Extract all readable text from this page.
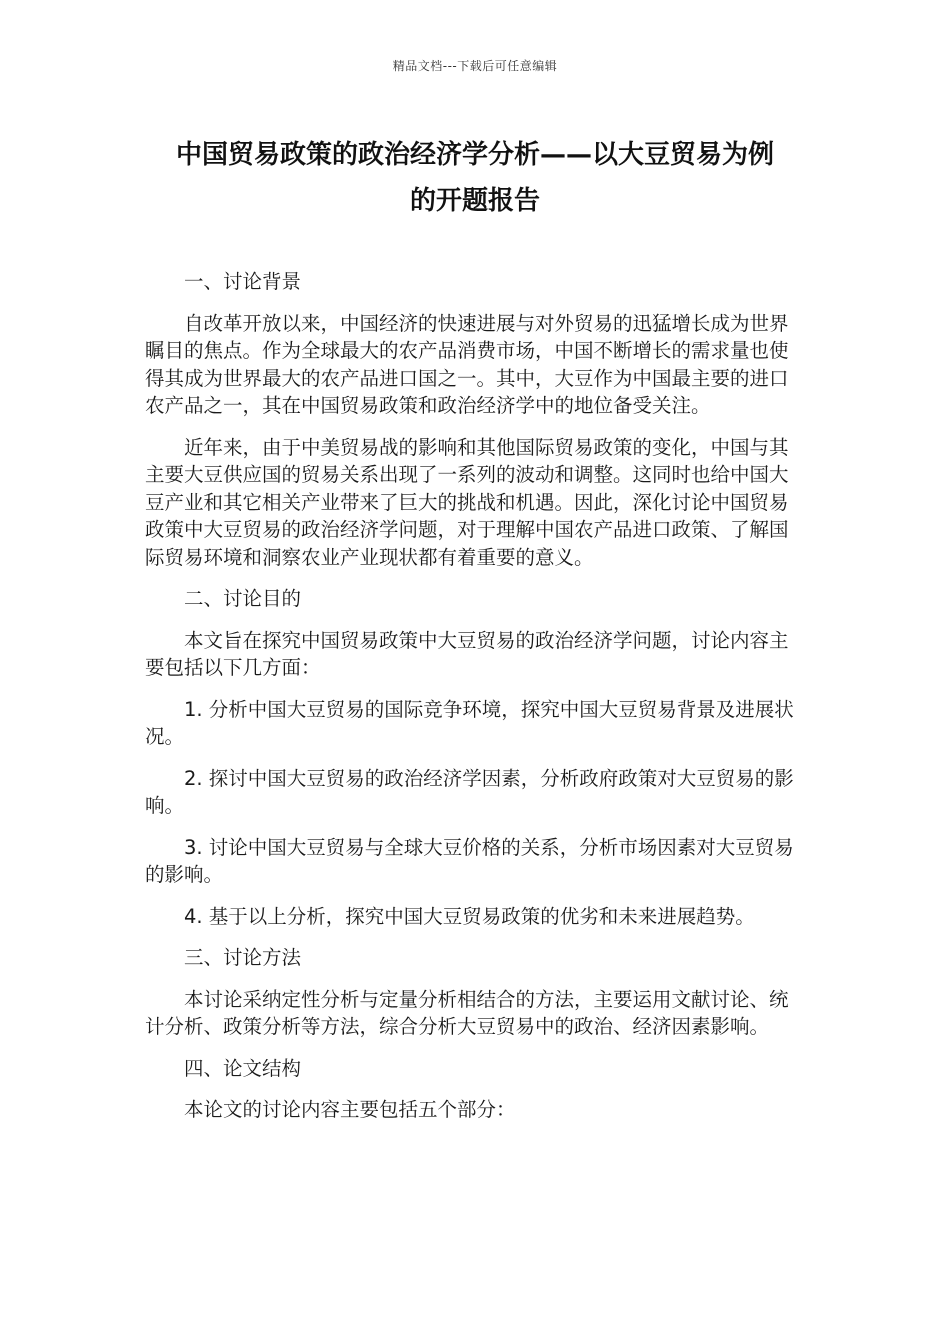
精品文档---下载后可任意编辑
中国贸易政策的政治经济学分析——以大豆贸易为例
的开题报告

一、讨论背景

自改革开放以来，中国经济的快速进展与对外贸易的迅猛增长成为世界瞩目的焦点。作为全球最大的农产品消费市场，中国不断增长的需求量也使得其成为世界最大的农产品进口国之一。其中，大豆作为中国最主要的进口农产品之一，其在中国贸易政策和政治经济学中的地位备受关注。

近年来，由于中美贸易战的影响和其他国际贸易政策的变化，中国与其主要大豆供应国的贸易关系出现了一系列的波动和调整。这同时也给中国大豆产业和其它相关产业带来了巨大的挑战和机遇。因此，深化讨论中国贸易政策中大豆贸易的政治经济学问题，对于理解中国农产品进口政策、了解国际贸易环境和洞察农业产业现状都有着重要的意义。

二、讨论目的

本文旨在探究中国贸易政策中大豆贸易的政治经济学问题，讨论内容主要包括以下几方面：

1. 分析中国大豆贸易的国际竞争环境，探究中国大豆贸易背景及进展状况。

2. 探讨中国大豆贸易的政治经济学因素，分析政府政策对大豆贸易的影响。

3. 讨论中国大豆贸易与全球大豆价格的关系，分析市场因素对大豆贸易的影响。

4. 基于以上分析，探究中国大豆贸易政策的优劣和未来进展趋势。

三、讨论方法

本讨论采纳定性分析与定量分析相结合的方法，主要运用文献讨论、统计分析、政策分析等方法，综合分析大豆贸易中的政治、经济因素影响。

四、论文结构

本论文的讨论内容主要包括五个部分：
